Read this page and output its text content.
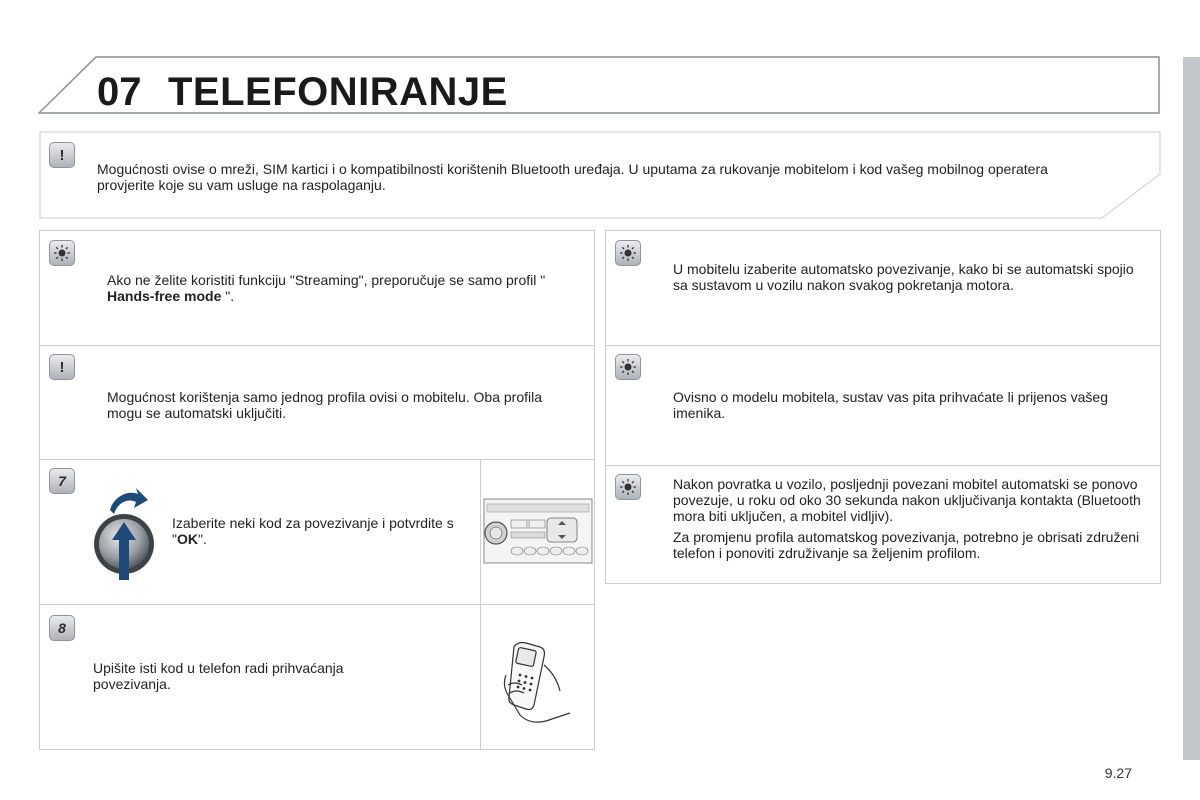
07 TELEFONIRANJE
!
Mogućnosti ovise o mreži, SIM kartici i o kompatibilnosti korištenih Bluetooth uređaja. U uputama za rukovanje mobitelom i kod vašeg mobilnog operatera provjerite koje su vam usluge na raspolaganju.
Ako ne želite koristiti funkciju "Streaming", preporučuje se samo profil " Hands-free mode ".
!
Mogućnost korištenja samo jednog profila ovisi o mobitelu. Oba profila mogu se automatski uključiti.
7
Izaberite neki kod za povezivanje i potvrdite s "OK".
8
Upišite isti kod u telefon radi prihvaćanja povezivanja.
U mobitelu izaberite automatsko povezivanje, kako bi se automatski spojio sa sustavom u vozilu nakon svakog pokretanja motora.
Ovisno o modelu mobitela, sustav vas pita prihvaćate li prijenos vašeg imenika.
Nakon povratka u vozilo, posljednji povezani mobitel automatski se ponovo povezuje, u roku od oko 30 sekunda nakon uključivanja kontakta (Bluetooth mora biti uključen, a mobitel vidljiv).
Za promjenu profila automatskog povezivanja, potrebno je obrisati združeni telefon i ponoviti združivanje sa željenim profilom.
9.27
